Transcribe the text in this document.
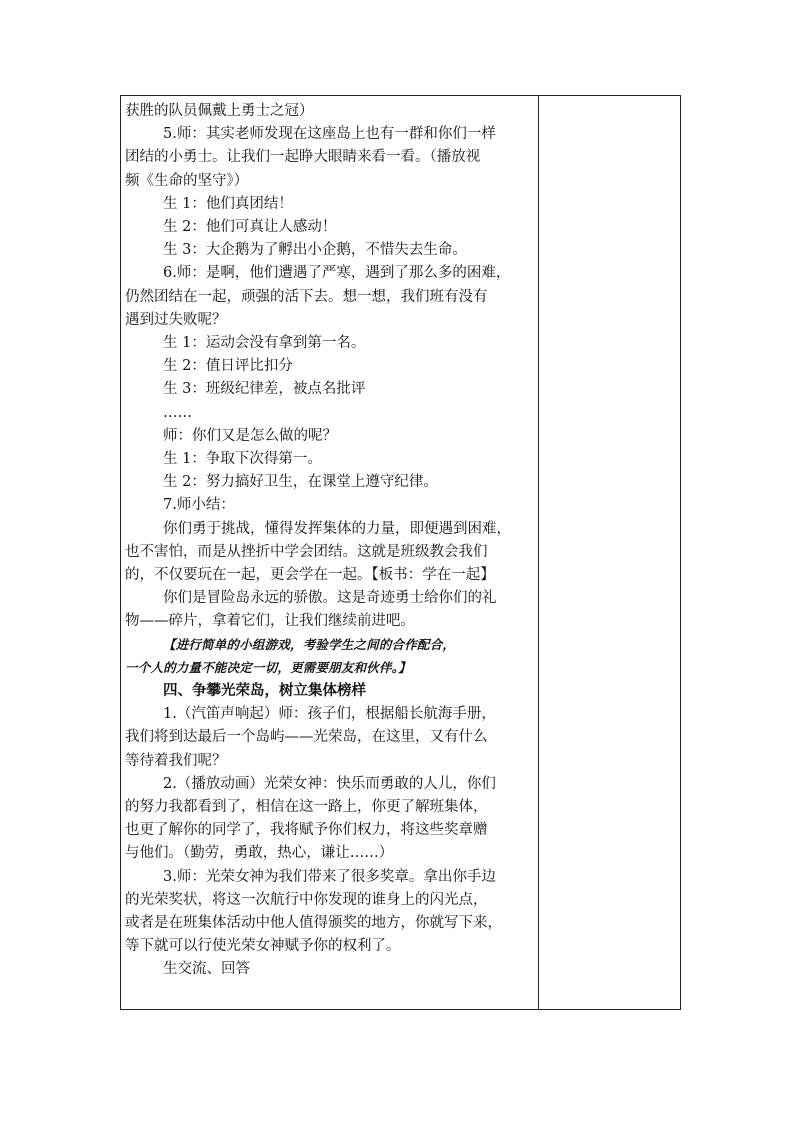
获胜的队员佩戴上勇士之冠）
5.师：其实老师发现在这座岛上也有一群和你们一样
团结的小勇士。让我们一起睁大眼睛来看一看。（播放视
频《生命的坚守》）
生 1：他们真团结！
生 2：他们可真让人感动！
生 3：大企鹅为了孵出小企鹅，不惜失去生命。
6.师：是啊，他们遭遇了严寒，遇到了那么多的困难，
仍然团结在一起，顽强的活下去。想一想，我们班有没有
遇到过失败呢？
生 1：运动会没有拿到第一名。
生 2：值日评比扣分
生 3：班级纪律差，被点名批评
……
师：你们又是怎么做的呢？
生 1：争取下次得第一。
生 2：努力搞好卫生，在课堂上遵守纪律。
7.师小结：
你们勇于挑战，懂得发挥集体的力量，即便遇到困难，
也不害怕，而是从挫折中学会团结。这就是班级教会我们
的，不仅要玩在一起，更会学在一起。【板书：学在一起】
你们是冒险岛永远的骄傲。这是奇迹勇士给你们的礼
物——碎片，拿着它们，让我们继续前进吧。
【进行简单的小组游戏，考验学生之间的合作配合，
一个人的力量不能决定一切，更需要朋友和伙伴。】
四、争攀光荣岛，树立集体榜样
1.（汽笛声响起）师：孩子们，根据船长航海手册，
我们将到达最后一个岛屿——光荣岛，在这里，又有什么
等待着我们呢？
2.（播放动画）光荣女神：快乐而勇敢的人儿，你们
的努力我都看到了，相信在这一路上，你更了解班集体，
也更了解你的同学了，我将赋予你们权力，将这些奖章赠
与他们。（勤劳，勇敢，热心，谦让……）
3.师：光荣女神为我们带来了很多奖章。拿出你手边
的光荣奖状，将这一次航行中你发现的谁身上的闪光点，
或者是在班集体活动中他人值得颁奖的地方，你就写下来，
等下就可以行使光荣女神赋予你的权利了。
生交流、回答
